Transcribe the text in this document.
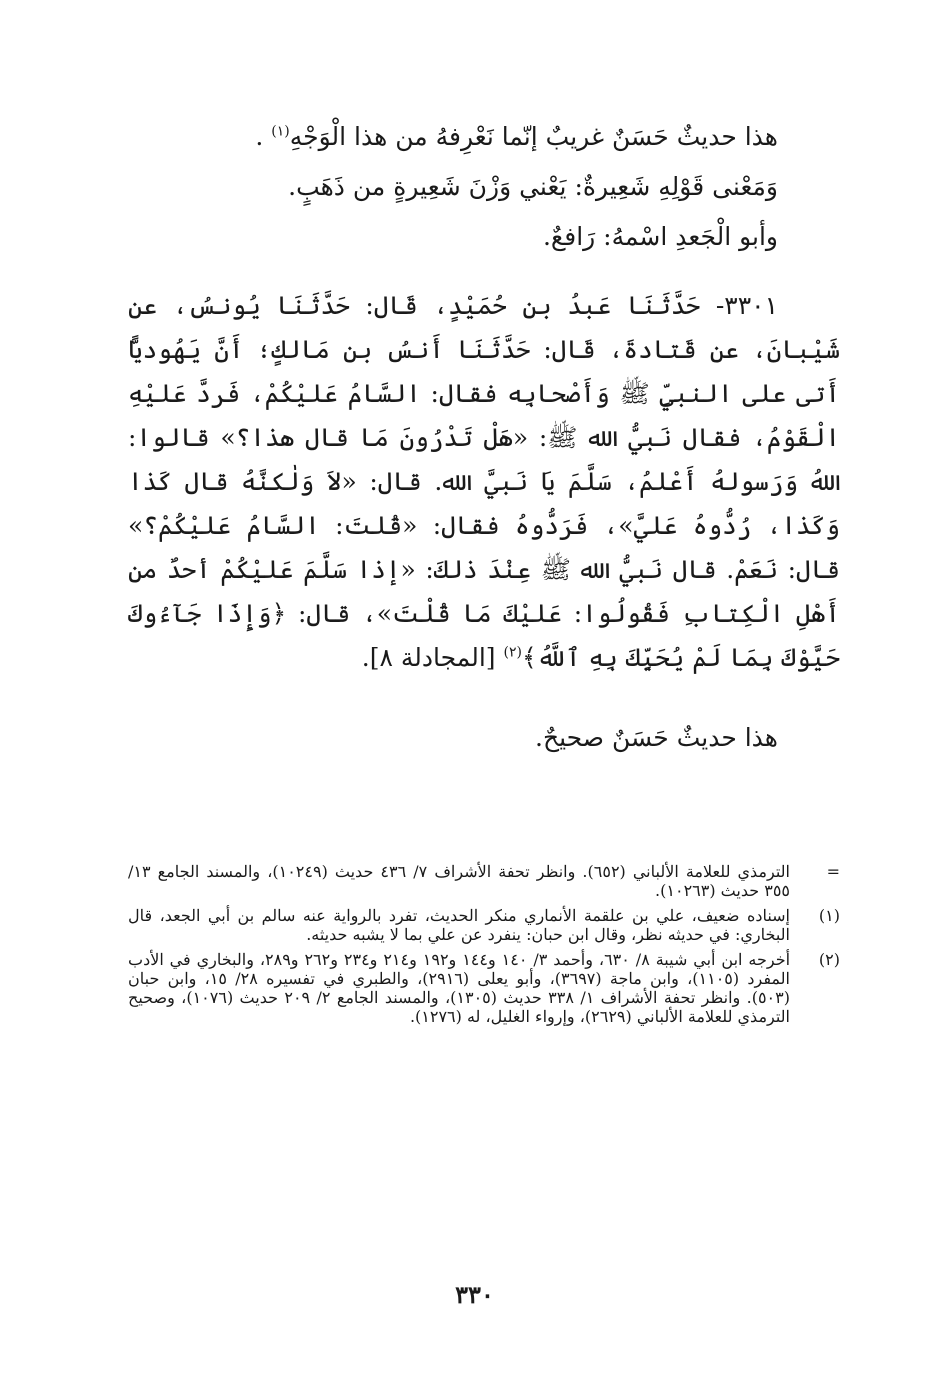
هذا حديثٌ حَسَنٌ غريبٌ إنّما نَعْرِفهُ من هذا الْوَجْهِ$^{(١)}$ .
وَمَعْنى قَوْلِهِ شَعِيرةٌ: يَعْني وَزْنَ شَعِيرةٍ من ذَهَبٍ.
وأبو الْجَعدِ اسْمهُ: رَافعٌ.

٣٣٠١- حَدَّثَنَا عَبدُ بن حُمَيْدٍ، قَال: حَدَّثَنَا يُونسُ، عن شَيْبانَ، عن قَتادةَ، قَال: حَدَّثَنَا أَنسُ بن مَالكٍ؛ أَنَّ يَهُوديًّا أَتى على النبيِّ ﷺ وَأَصْحابِه فقال: السَّامُ عَليْكُمْ، فَردَّ عَليْهِ الْقَوْمُ، فقال نَبيُّ الله ﷺ: «هَلْ تَدْرُونَ مَا قال هذا؟» قالوا: اللهُ وَرَسولهُ أَعْلمُ، سَلَّمَ يَا نَبيَّ الله. قال: «لاَ وَلٰكنَّهُ قال كَذا وَكَذا، رُدُّوهُ عَليَّ»، فَرَدُّوهُ فقال: «قُلتَ: السَّامُ عَليْكُمْ؟» قال: نَعَمْ. قال نَبيُّ الله ﷺ عِنْدَ ذلكَ: «إذا سَلَّمَ عَليْكُمْ أحدٌ من أَهْلِ الْكِتابِ فَقُولُوا: عَليْكَ مَا قُلْتَ»، قال: ﴿وَإِذَا جَآءُوكَ حَيَّوْكَ بِمَا لَمْ يُحَيِّكَ بِهِ ٱللَّهُ﴾$^{(٢)}$ [المجادلة ٨].

هذا حديثٌ حَسَنٌ صحيحٌ.
=
الترمذي للعلامة الألباني (٦٥٢). وانظر تحفة الأشراف ٧/ ٤٣٦ حديث (١٠٢٤٩)، والمسند الجامع ١٣/ ٣٥٥ حديث (١٠٢٦٣).
(١)
إسناده ضعيف، علي بن علقمة الأنماري منكر الحديث، تفرد بالرواية عنه سالم بن أبي الجعد، قال البخاري: في حديثه نظر، وقال ابن حبان: ينفرد عن علي بما لا يشبه حديثه.
(٢)
أخرجه ابن أبي شيبة ٨/ ٦٣٠، وأحمد ٣/ ١٤٠ و١٤٤ و١٩٢ و٢١٤ و٢٣٤ و٢٦٢ و٢٨٩، والبخاري في الأدب المفرد (١١٠٥)، وابن ماجة (٣٦٩٧)، وأبو يعلى (٢٩١٦)، والطبري في تفسيره ٢٨/ ١٥، وابن حبان (٥٠٣). وانظر تحفة الأشراف ١/ ٣٣٨ حديث (١٣٠٥)، والمسند الجامع ٢/ ٢٠٩ حديث (١٠٧٦)، وصحيح الترمذي للعلامة الألباني (٢٦٢٩)، وإرواء الغليل، له (١٢٧٦).
٣٣٠
